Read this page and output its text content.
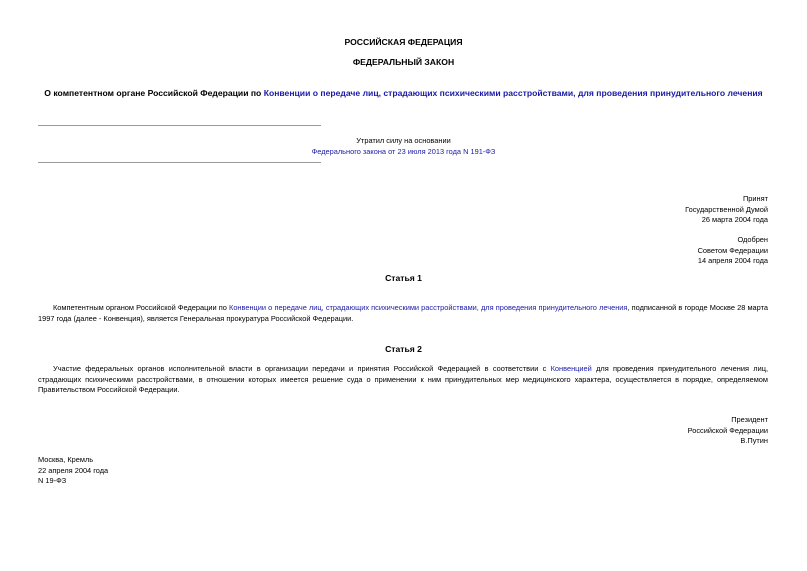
РОССИЙСКАЯ ФЕДЕРАЦИЯ
ФЕДЕРАЛЬНЫЙ ЗАКОН
О компетентном органе Российской Федерации по Конвенции о передаче лиц, страдающих психическими расстройствами, для проведения принудительного лечения
Утратил силу на основании
Федерального закона от 23 июля 2013 года N 191-ФЗ
Принят
Государственной Думой
26 марта 2004 года
Одобрен
Советом Федерации
14 апреля 2004 года
Статья 1
Компетентным органом Российской Федерации по Конвенции о передаче лиц, страдающих психическими расстройствами, для проведения принудительного лечения, подписанной в городе Москве 28 марта 1997 года (далее - Конвенция), является Генеральная прокуратура Российской Федерации.
Статья 2
Участие федеральных органов исполнительной власти в организации передачи и принятия Российской Федерацией в соответствии с Конвенцией для проведения принудительного лечения лиц, страдающих психическими расстройствами, в отношении которых имеется решение суда о применении к ним принудительных мер медицинского характера, осуществляется в порядке, определяемом Правительством Российской Федерации.
Президент
Российской Федерации
В.Путин
Москва, Кремль
22 апреля 2004 года
N 19-ФЗ
